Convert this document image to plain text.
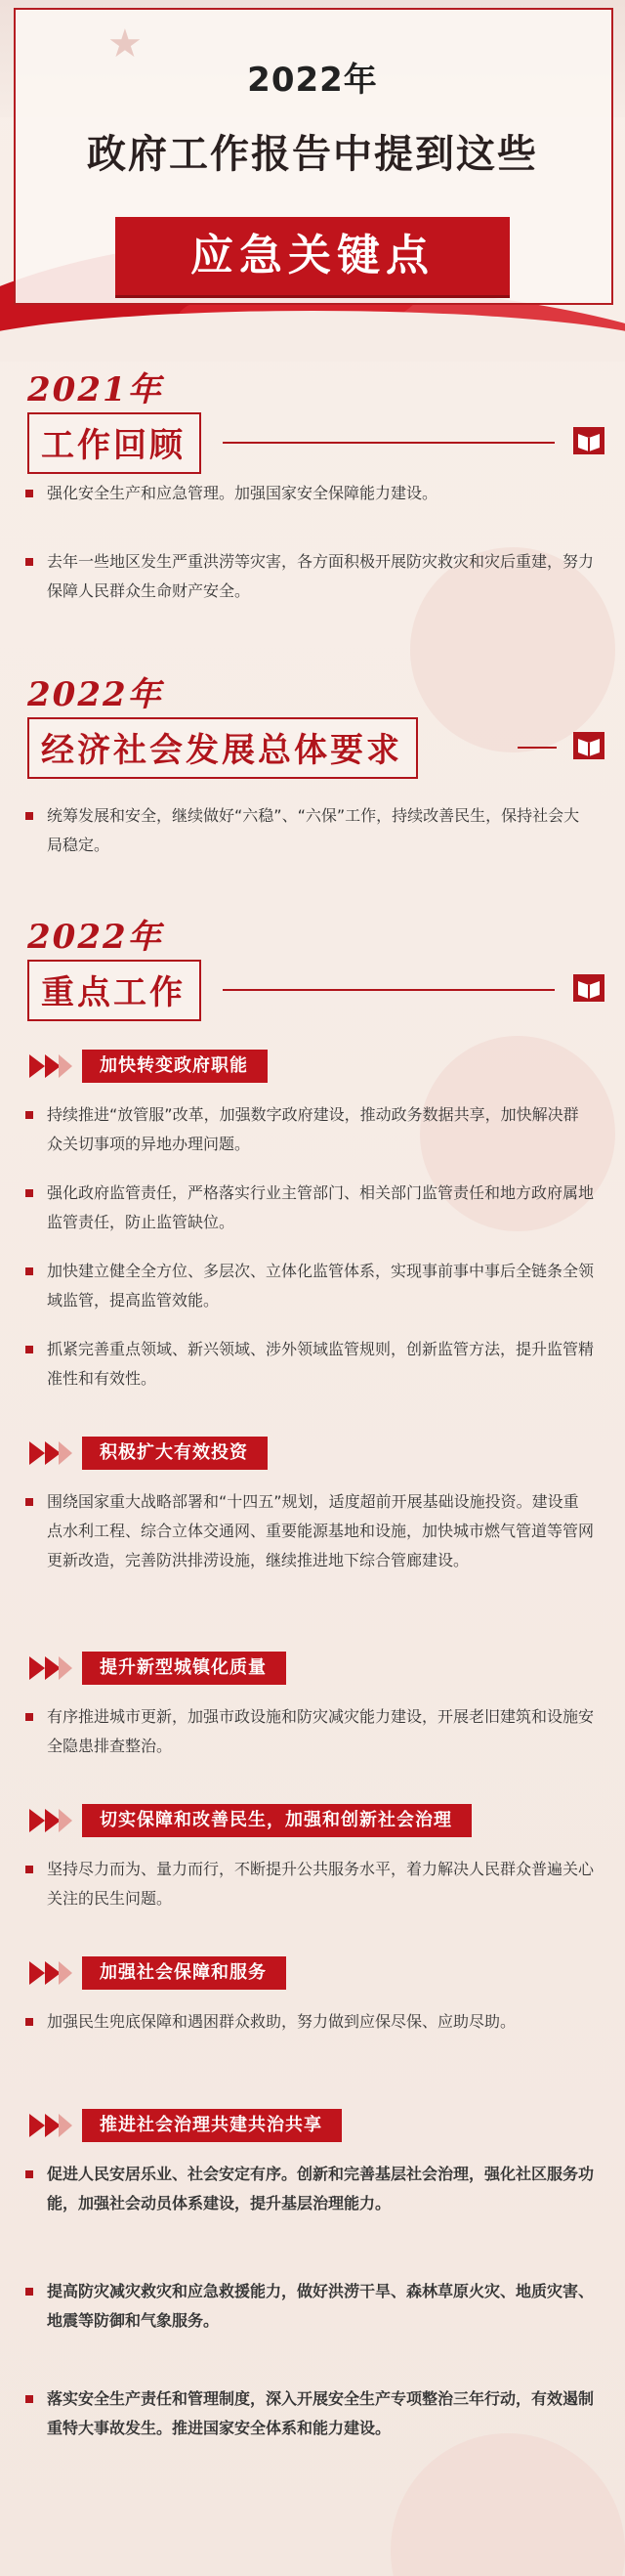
★
2022年
政府工作报告中提到这些
应急关键点
2021年
工作回顾
强化安全生产和应急管理。加强国家安全保障能力建设。
去年一些地区发生严重洪涝等灾害，各方面积极开展防灾救灾和灾后重建，努力保障人民群众生命财产安全。
2022年
经济社会发展总体要求
统筹发展和安全，继续做好“六稳”、“六保”工作，持续改善民生，保持社会大局稳定。
2022年
重点工作
加快转变政府职能
持续推进“放管服”改革，加强数字政府建设，推动政务数据共享，加快解决群众关切事项的异地办理问题。
强化政府监管责任，严格落实行业主管部门、相关部门监管责任和地方政府属地监管责任，防止监管缺位。
加快建立健全全方位、多层次、立体化监管体系，实现事前事中事后全链条全领域监管，提高监管效能。
抓紧完善重点领域、新兴领域、涉外领域监管规则，创新监管方法，提升监管精准性和有效性。
积极扩大有效投资
围绕国家重大战略部署和“十四五”规划，适度超前开展基础设施投资。建设重点水利工程、综合立体交通网、重要能源基地和设施，加快城市燃气管道等管网更新改造，完善防洪排涝设施，继续推进地下综合管廊建设。
提升新型城镇化质量
有序推进城市更新，加强市政设施和防灾减灾能力建设，开展老旧建筑和设施安全隐患排查整治。
切实保障和改善民生，加强和创新社会治理
坚持尽力而为、量力而行，不断提升公共服务水平，着力解决人民群众普遍关心关注的民生问题。
加强社会保障和服务
加强民生兜底保障和遇困群众救助，努力做到应保尽保、应助尽助。
推进社会治理共建共治共享
促进人民安居乐业、社会安定有序。创新和完善基层社会治理，强化社区服务功能，加强社会动员体系建设，提升基层治理能力。
提高防灾减灾救灾和应急救援能力，做好洪涝干旱、森林草原火灾、地质灾害、地震等防御和气象服务。
落实安全生产责任和管理制度，深入开展安全生产专项整治三年行动，有效遏制重特大事故发生。推进国家安全体系和能力建设。
